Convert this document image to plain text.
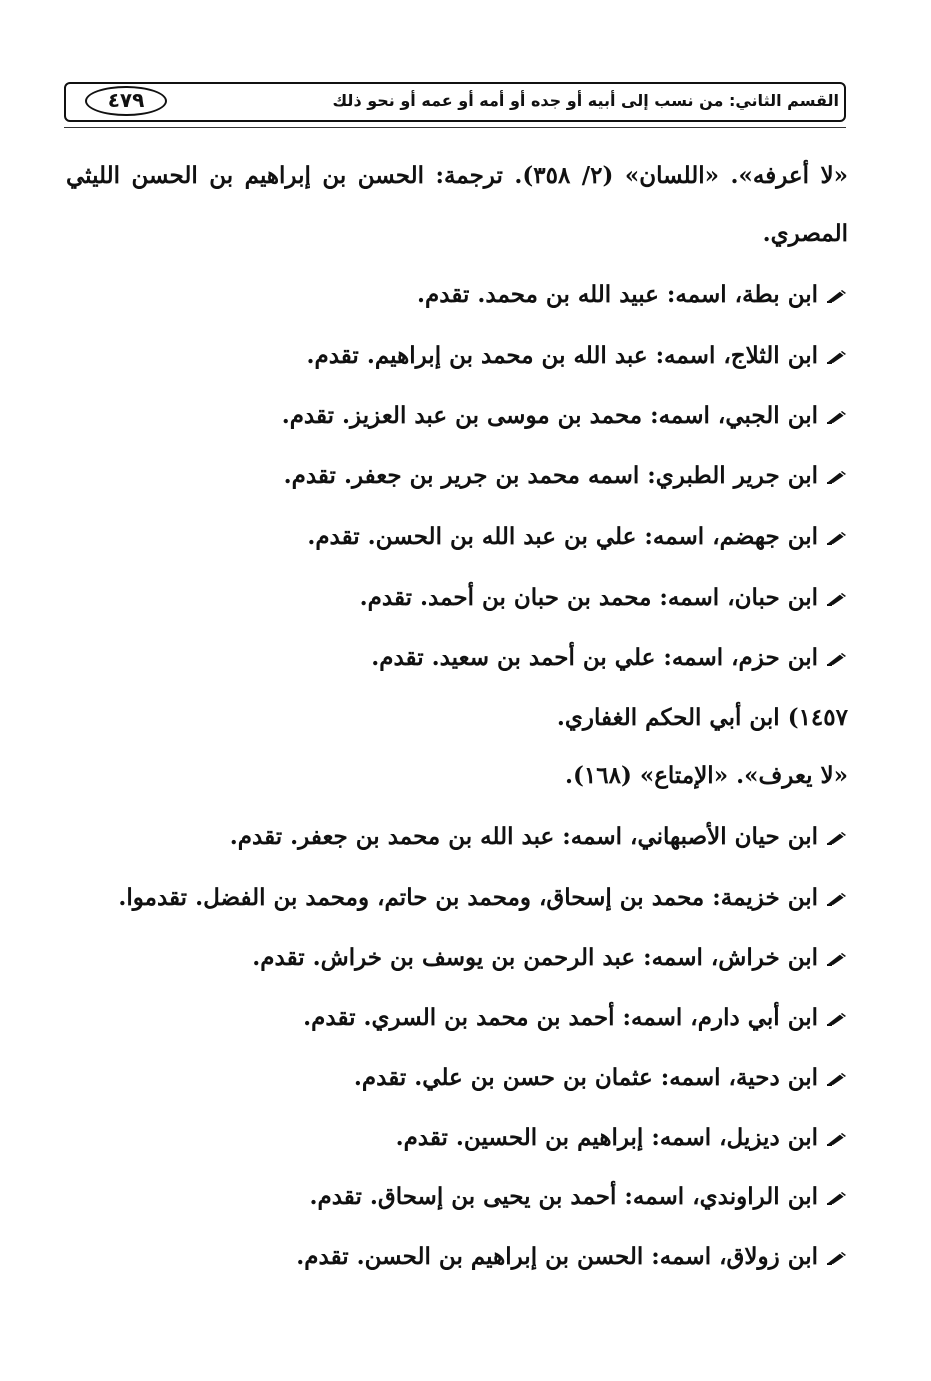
القسم الثاني: من نسب إلى أبيه أو جده أو أمه أو عمه أو نحو ذلك
٤٧٩
«لا أعرفه». «اللسان» (٢/ ٣٥٨). ترجمة: الحسن بن إبراهيم بن الحسن الليثي
المصري.
ابن بطة، اسمه: عبيد الله بن محمد. تقدم.
ابن الثلاج، اسمه: عبد الله بن محمد بن إبراهيم. تقدم.
ابن الجبي، اسمه: محمد بن موسى بن عبد العزيز. تقدم.
ابن جرير الطبري: اسمه محمد بن جرير بن جعفر. تقدم.
ابن جهضم، اسمه: علي بن عبد الله بن الحسن. تقدم.
ابن حبان، اسمه: محمد بن حبان بن أحمد. تقدم.
ابن حزم، اسمه: علي بن أحمد بن سعيد. تقدم.
١٤٥٧) ابن أبي الحكم الغفاري.
«لا يعرف». «الإمتاع» (١٦٨).
ابن حيان الأصبهاني، اسمه: عبد الله بن محمد بن جعفر. تقدم.
ابن خزيمة: محمد بن إسحاق، ومحمد بن حاتم، ومحمد بن الفضل. تقدموا.
ابن خراش، اسمه: عبد الرحمن بن يوسف بن خراش. تقدم.
ابن أبي دارم، اسمه: أحمد بن محمد بن السري. تقدم.
ابن دحية، اسمه: عثمان بن حسن بن علي. تقدم.
ابن ديزيل، اسمه: إبراهيم بن الحسين. تقدم.
ابن الراوندي، اسمه: أحمد بن يحيى بن إسحاق. تقدم.
ابن زولاق، اسمه: الحسن بن إبراهيم بن الحسن. تقدم.
